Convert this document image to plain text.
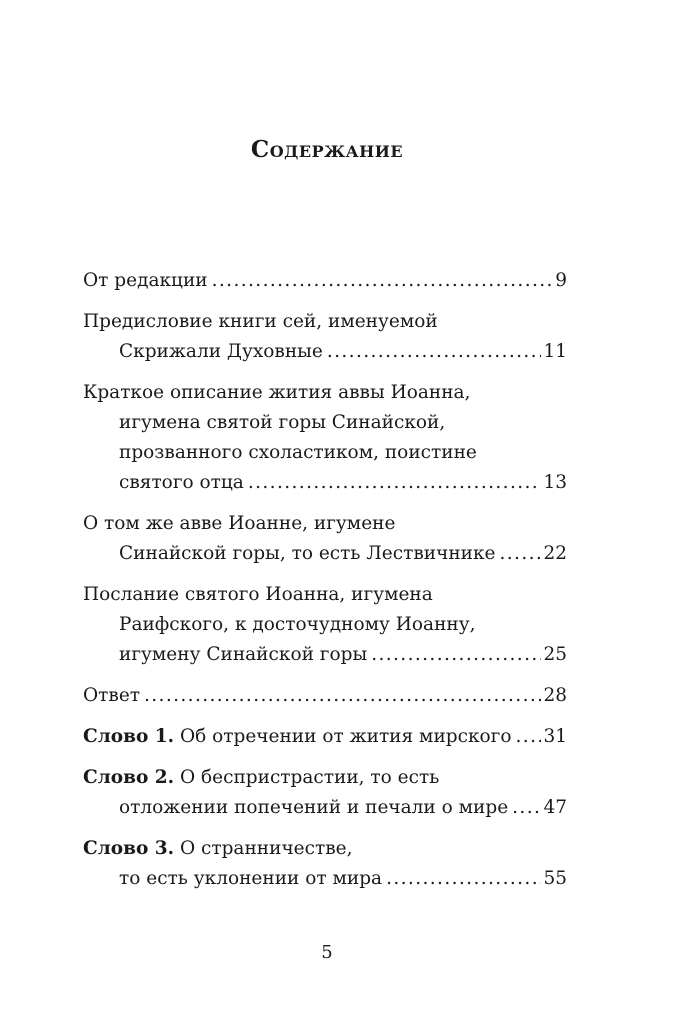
Содержание
От редакции .....	9
Предисловие книги сей, именуемой
Скрижали Духовные .....	11
Краткое описание жития аввы Иоанна,
игумена святой горы Синайской,
прозванного схоластиком, поистине
святого отца .....	13
О том же авве Иоанне, игумене
Синайской горы, то есть Лествичнике .....	22
Послание святого Иоанна, игумена
Раифского, к досточудному Иоанну,
игумену Синайской горы .....	25
Ответ .....	28
Слово 1. Об отречении от жития мирского ..... 31
Слово 2. О беспристрастии, то есть
отложении попечений и печали о мире ..... 47
Слово 3. О странничестве,
то есть уклонении от мира .....	55
5
